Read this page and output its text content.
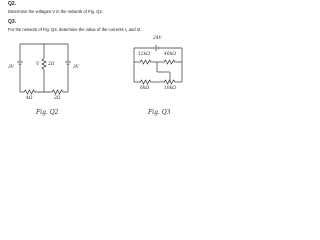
Q2.
Determine the voltages V in the network of Fig. Q2.
Q3.
For the network of Fig. Q3, determine the value of the currents I₁ and I2.
3V	3V
V 2Ω
4Ω	2Ω
Fig. Q2
24V
12kΩ	40kΩ
6kΩ	10kΩ
Fig. Q3
